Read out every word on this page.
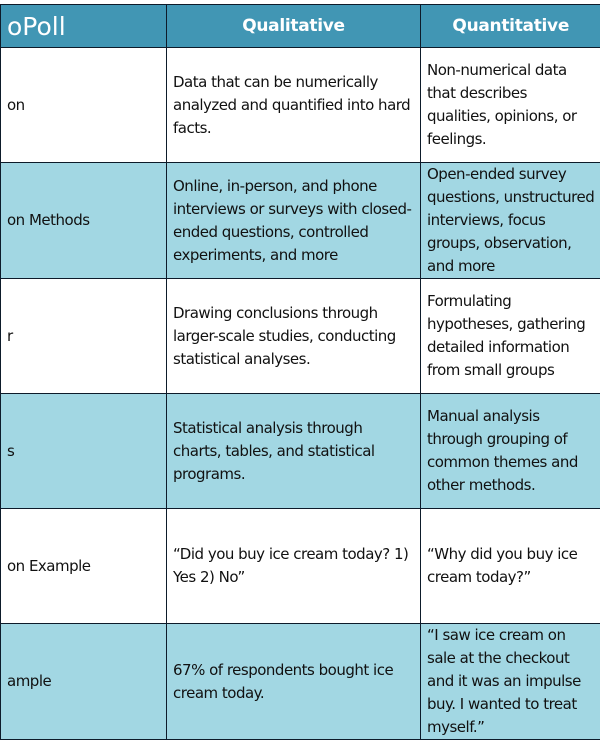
oPoll	Qualitative	Quantitative
on	Data that can be numerically analyzed and quantified into hard facts.	Non-numerical data that describes qualities, opinions, or feelings.
on Methods	Online, in-person, and phone interviews or surveys with closed-ended questions, controlled experiments, and more	Open-ended survey questions, unstructured interviews, focus groups, observation, and more
r	Drawing conclusions through larger-scale studies, conducting statistical analyses.	Formulating hypotheses, gathering detailed information from small groups
s	Statistical analysis through charts, tables, and statistical programs.	Manual analysis through grouping of common themes and other methods.
on Example	“Did you buy ice cream today? 1) Yes 2) No”	“Why did you buy ice cream today?”
ample	67% of respondents bought ice cream today.	“I saw ice cream on sale at the checkout and it was an impulse buy. I wanted to treat myself.”
